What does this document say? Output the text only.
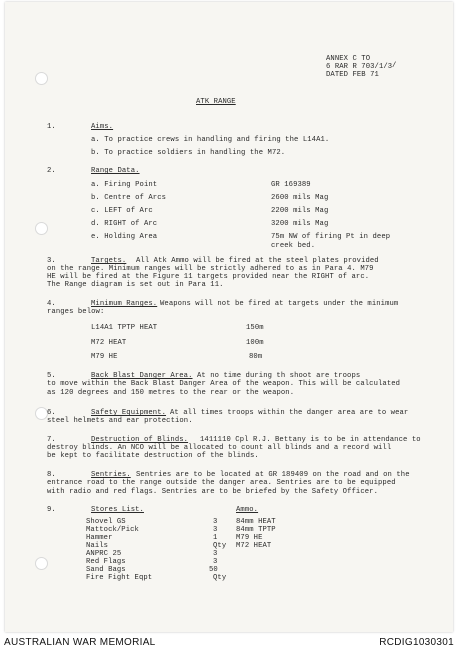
ANNEX C TO
6 RAR R 703/1/3 /
DATED FEB 71
ATK RANGE
1.	Aims.
a. To practice crews in handling and firing the L14A1.
b. To practice soldiers in handling the M72.
2.	Range Data.
a. Firing Point	GR 169389
b. Centre of Arcs	2600 mils Mag
c. LEFT of Arc	2200 mils Mag
d. RIGHT of Arc	3200 mils Mag
e. Holding Area	75m NW of firing Pt in deep
creek bed.
3.	Targets. All Atk Ammo will be fired at the steel plates provided
on the range. Minimum ranges will be strictly adhered to as in Para 4. M79
HE will be fired at the Figure 11 targets provided near the RIGHT of arc.
The Range diagram is set out in Para 11.
4.	Minimum Ranges. Weapons will not be fired at targets under the minimum
ranges below:
L14A1 TPTP HEAT	150m
M72 HEAT	100m
M79 HE	80m
5.	Back Blast Danger Area. At no time during th shoot are troops
to move within the Back Blast Danger Area of the weapon. This will be calculated
as 120 degrees and 150 metres to the rear or the weapon.
6.	Safety Equipment. At all times troops within the danger area are to wear
steel helmets and ear protection.
7.	Destruction of Blinds. 1411110 Cpl R.J. Bettany is to be in attendance to
destroy blinds. An NCO will be allocated to count all blinds and a record will
be kept to facilitate destruction of the blinds.
8.	Sentries. Sentries are to be located at GR 189409 on the road and on the
entrance road to the range outside the danger area. Sentries are to be equipped
with radio and red flags. Sentries are to be briefed by the Safety Officer.
9.	Stores List.	Ammo.
Shovel GS	3	84mm HEAT
Mattock/Pick	3	84mm TPTP
Hammer	1	M79 HE
Nails	Qty M72 HEAT
ANPRC 25	3
Red Flags	3
Sand Bags	50
Fire Fight Eqpt	Qty
AUSTRALIAN WAR MEMORIAL	RCDIG1030301
